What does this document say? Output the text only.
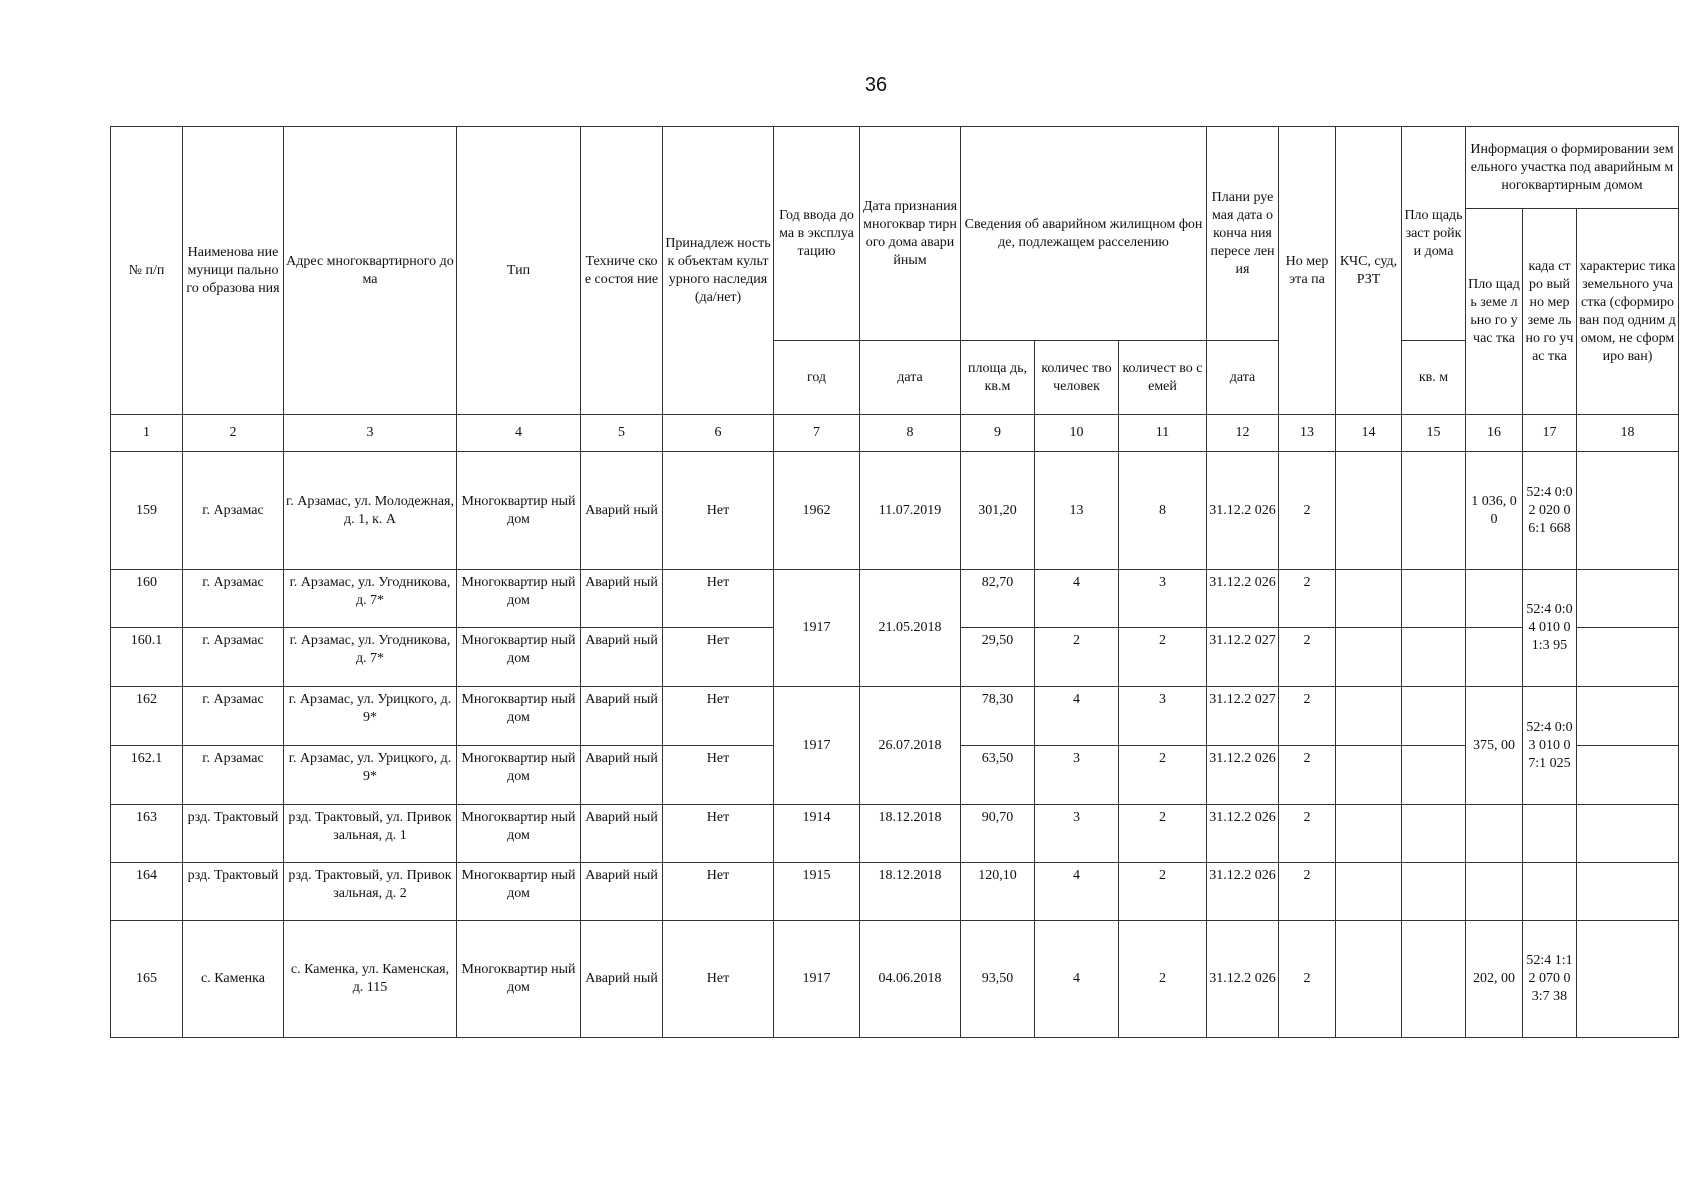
36
№ п/п	Наименова ние муници пального образова ния	Адрес многоквартирного дома	Тип	Техниче ское состоя ние	Принадлеж ность к объектам культурного наследия (да/нет)	Год ввода дома в эксплуа тацию	Дата признания многоквар тирного дома аварийным	Сведения об аварийном жилищном фонде, подлежащем расселению			Плани руемая дата оконча ния пересе ления	Но мер эта па	КЧС, суд, РЗТ	Пло щадь заст ройки дома	Информация о формировании земельного участка под аварийным многоквартирным домом		
															Пло щадь земе льно го учас тка	када стро вый но мер земе льно го учас тка	характерис тика земельного участка (сформиро ван под одним домом, не сформиро ван)
						год	дата	площа дь, кв.м	количес тво человек	количест во семей	дата			кв. м			
1	2	3	4	5	6	7	8	9	10	11	12	13	14	15	16	17	18
159	г. Арзамас	г. Арзамас, ул. Молодежная, д. 1, к. А	Многоквартир ный дом	Аварий ный	Нет	1962	11.07.2019	301,20	13	8	31.12.2 026	2			1 036, 00	52:4 0:02 020 06:1 668	
160	г. Арзамас	г. Арзамас, ул. Угодникова, д. 7*	Многоквартир ный дом	Аварий ный	Нет	1917	21.05.2018	82,70	4	3	31.12.2 026	2				52:4 0:04 010 01:3 95	
160.1	г. Арзамас	г. Арзамас, ул. Угодникова, д. 7*	Многоквартир ный дом	Аварий ный	Нет			29,50	2	2	31.12.2 027	2					
162	г. Арзамас	г. Арзамас, ул. Урицкого, д. 9*	Многоквартир ный дом	Аварий ный	Нет	1917	26.07.2018	78,30	4	3	31.12.2 027	2			375, 00	52:4 0:03 010 07:1 025	
162.1	г. Арзамас	г. Арзамас, ул. Урицкого, д. 9*	Многоквартир ный дом	Аварий ный	Нет			63,50	3	2	31.12.2 026	2					
163	рзд. Трактовый	рзд. Трактовый, ул. Привокзальная, д. 1	Многоквартир ный дом	Аварий ный	Нет	1914	18.12.2018	90,70	3	2	31.12.2 026	2					
164	рзд. Трактовый	рзд. Трактовый, ул. Привокзальная, д. 2	Многоквартир ный дом	Аварий ный	Нет	1915	18.12.2018	120,10	4	2	31.12.2 026	2					
165	с. Каменка	с. Каменка, ул. Каменская, д. 115	Многоквартир ный дом	Аварий ный	Нет	1917	04.06.2018	93,50	4	2	31.12.2 026	2			202, 00	52:4 1:12 070 03:7 38	
